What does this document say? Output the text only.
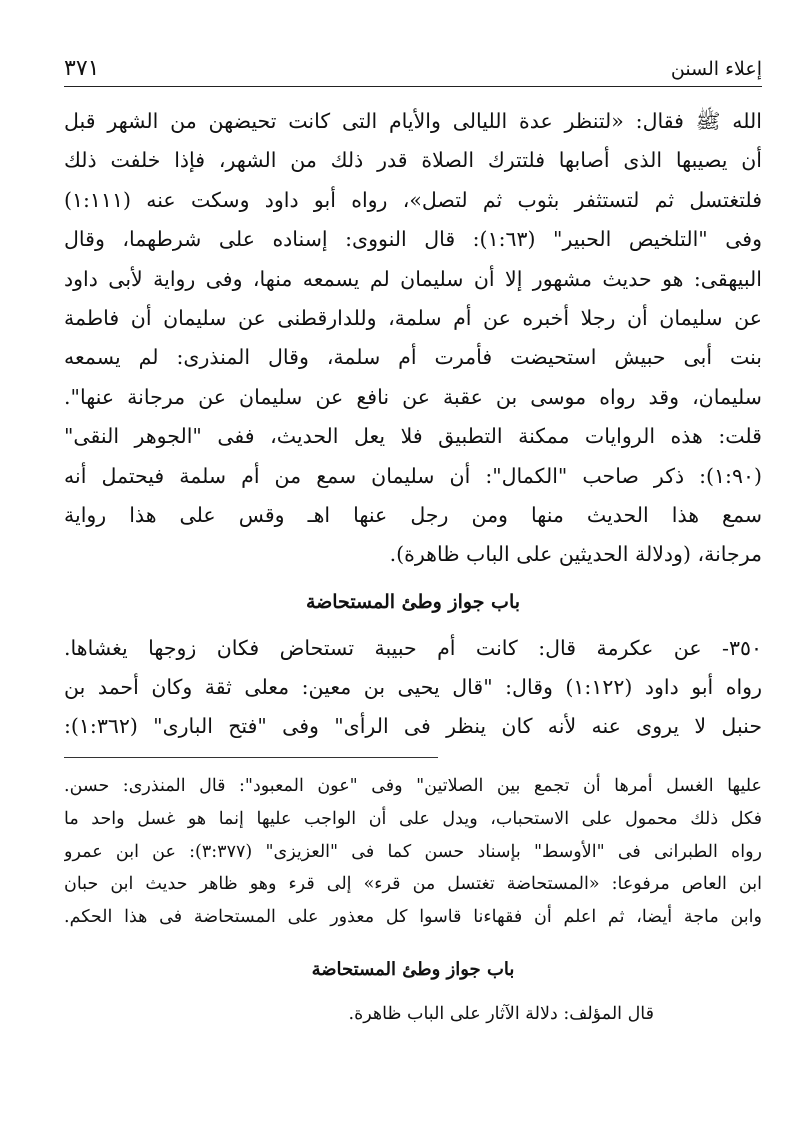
إعلاء السنن
٣٧١
الله ﷺ فقال: «لتنظر عدة الليالى والأيام التى كانت تحيضهن من الشهر قبل
أن يصيبها الذى أصابها فلتترك الصلاة قدر ذلك من الشهر، فإذا خلفت ذلك
فلتغتسل ثم لتستثفر بثوب ثم لتصل»، رواه أبو داود وسكت عنه (١:١١١)
وفى "التلخيص الحبير" (١:٦٣): قال النووى: إسناده على شرطهما، وقال
البيهقى: هو حديث مشهور إلا أن سليمان لم يسمعه منها، وفى رواية لأبى داود
عن سليمان أن رجلا أخبره عن أم سلمة، وللدارقطنى عن سليمان أن فاطمة
بنت أبى حبيش استحيضت فأمرت أم سلمة، وقال المنذرى: لم يسمعه
سليمان، وقد رواه موسى بن عقبة عن نافع عن سليمان عن مرجانة عنها".
قلت: هذه الروايات ممكنة التطبيق فلا يعل الحديث، ففى "الجوهر النقى"
(١:٩٠): ذكر صاحب "الكمال": أن سليمان سمع من أم سلمة فيحتمل أنه
سمع هذا الحديث منها ومن رجل عنها اهـ وقس على هذا رواية
مرجانة، (ودلالة الحديثين على الباب ظاهرة).
باب جواز وطئ المستحاضة
٣٥٠- عن عكرمة قال: كانت أم حبيبة تستحاض فكان زوجها يغشاها.
رواه أبو داود (١:١٢٢) وقال: "قال يحيى بن معين: معلى ثقة وكان أحمد بن
حنبل لا يروى عنه لأنه كان ينظر فى الرأى" وفى "فتح البارى" (١:٣٦٢):
عليها الغسل أمرها أن تجمع بين الصلاتين" وفى "عون المعبود": قال المنذرى: حسن.
فكل ذلك محمول على الاستحباب، ويدل على أن الواجب عليها إنما هو غسل واحد ما
رواه الطبرانى فى "الأوسط" بإسناد حسن كما فى "العزيزى" (٣:٣٧٧): عن ابن عمرو
ابن العاص مرفوعا: «المستحاضة تغتسل من قرء» إلى قرء وهو ظاهر حديث ابن حبان
وابن ماجة أيضا، ثم اعلم أن فقهاءنا قاسوا كل معذور على المستحاضة فى هذا الحكم.
باب جواز وطئ المستحاضة
قال المؤلف: دلالة الآثار على الباب ظاهرة.
